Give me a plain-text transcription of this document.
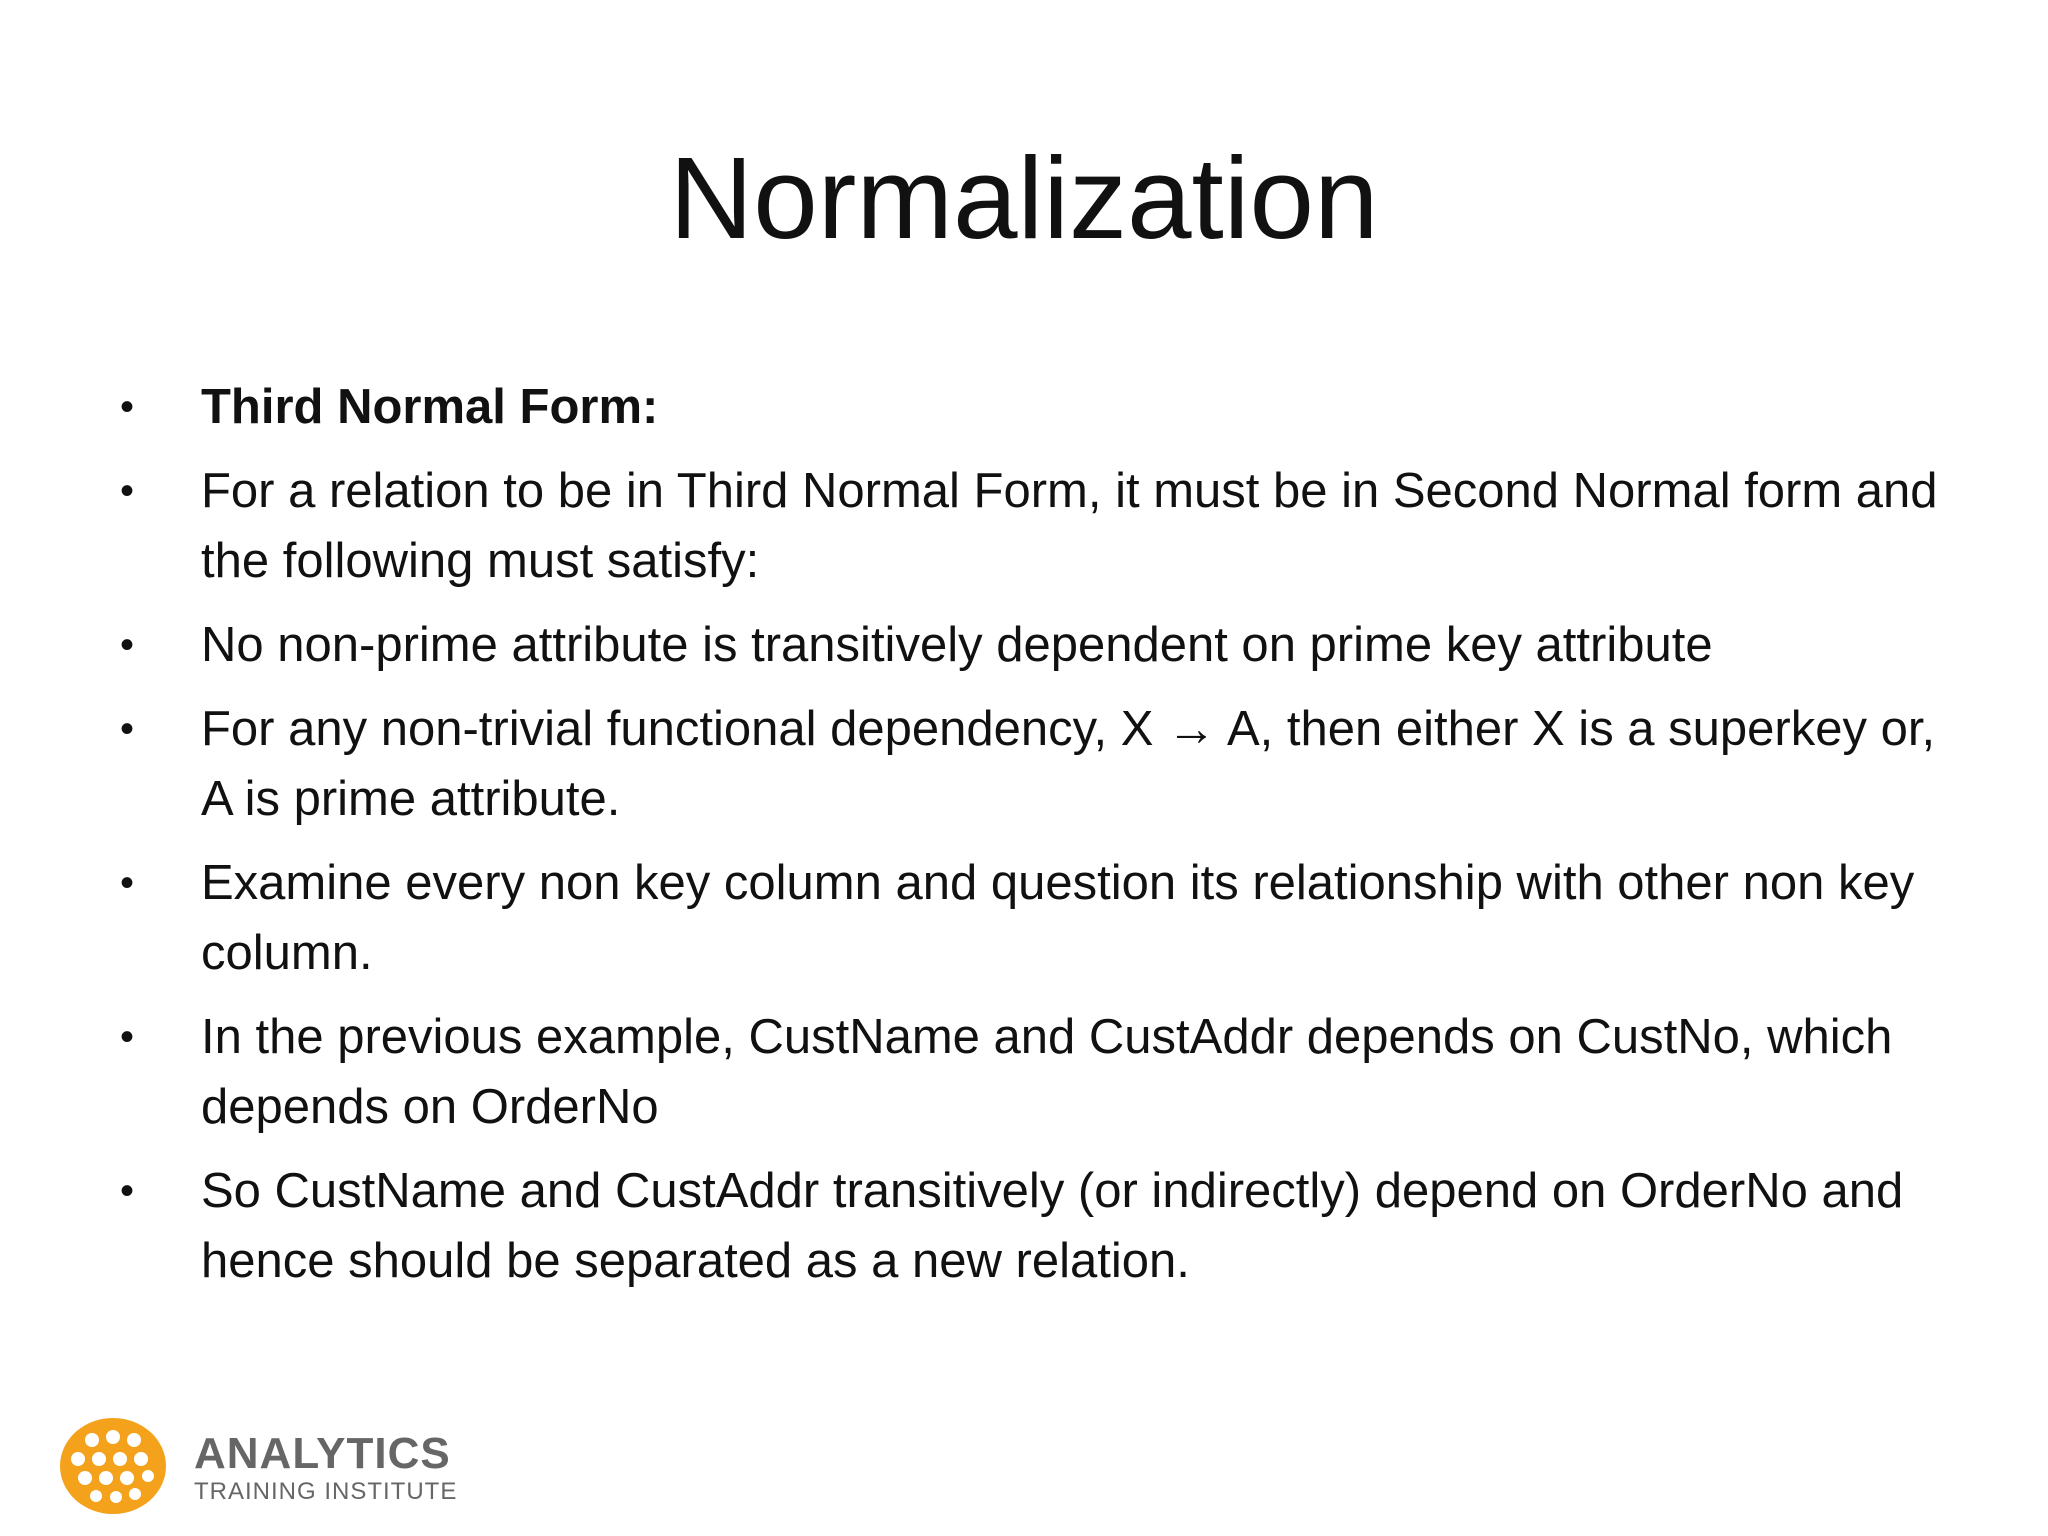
Normalization
•	Third Normal Form:
•	For a relation to be in Third Normal Form, it must be in Second Normal form and the following must satisfy:
•	No non-prime attribute is transitively dependent on prime key attribute
•	For any non-trivial functional dependency, X → A, then either X is a superkey or, A is prime attribute.
•	Examine every non key column and question its relationship with other non key column.
•	In the previous example, CustName and CustAddr depends on CustNo, which depends on OrderNo
•	So CustName and CustAddr transitively (or indirectly) depend on OrderNo and hence should be separated as a new relation.
ANALYTICS
TRAINING INSTITUTE
